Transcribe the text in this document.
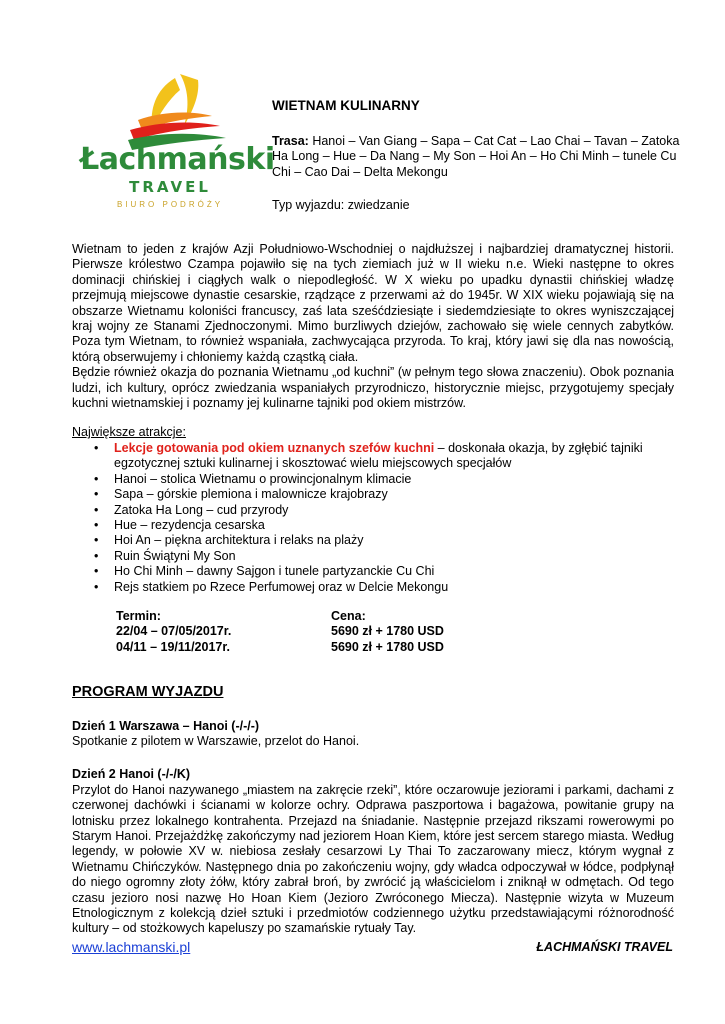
Łachmański
TRAVEL
BIURO PODRÓŻY
WIETNAM KULINARNY
Trasa: Hanoi – Van Giang – Sapa – Cat Cat – Lao Chai – Tavan – Zatoka Ha Long – Hue – Da Nang – My Son – Hoi An – Ho Chi Minh – tunele Cu Chi – Cao Dai – Delta Mekongu
Typ wyjazdu: zwiedzanie

Wietnam to jeden z krajów Azji Południowo-Wschodniej o najdłuższej i najbardziej dramatycznej historii. Pierwsze królestwo Czampa pojawiło się na tych ziemiach już w II wieku n.e. Wieki następne to okres dominacji chińskiej i ciągłych walk o niepodległość. W X wieku po upadku dynastii chińskiej władzę przejmują miejscowe dynastie cesarskie, rządzące z przerwami aż do 1945r. W XIX wieku pojawiają się na obszarze Wietnamu koloniści francuscy, zaś lata sześćdziesiąte i siedemdziesiąte to okres wyniszczającej kraj wojny ze Stanami Zjednoczonymi. Mimo burzliwych dziejów, zachowało się wiele cennych zabytków. Poza tym Wietnam, to również wspaniała, zachwycająca przyroda. To kraj, który jawi się dla nas nowością, którą obserwujemy i chłoniemy każdą cząstką ciała.

Będzie również okazja do poznania Wietnamu „od kuchni” (w pełnym tego słowa znaczeniu). Obok poznania ludzi, ich kultury, oprócz zwiedzania wspaniałych przyrodniczo, historycznie miejsc, przygotujemy specjały kuchni wietnamskiej i poznamy jej kulinarne tajniki pod okiem mistrzów.

Największe atrakcje:
• Lekcje gotowania pod okiem uznanych szefów kuchni – doskonała okazja, by zgłębić tajniki egzotycznej sztuki kulinarnej i skosztować wielu miejscowych specjałów
• Hanoi – stolica Wietnamu o prowincjonalnym klimacie
• Sapa – górskie plemiona i malownicze krajobrazy
• Zatoka Ha Long – cud przyrody
• Hue – rezydencja cesarska
• Hoi An – piękna architektura i relaks na plaży
• Ruin Świątyni My Son
• Ho Chi Minh – dawny Sajgon i tunele partyzanckie Cu Chi
• Rejs statkiem po Rzece Perfumowej oraz w Delcie Mekongu
Termin:	Cena:
22/04 – 07/05/2017r.	5690 zł + 1780 USD
04/11 – 19/11/2017r.	5690 zł + 1780 USD
PROGRAM WYJAZDU
Dzień 1 Warszawa – Hanoi (-/-/-)

Spotkanie z pilotem w Warszawie, przelot do Hanoi.

Dzień 2 Hanoi (-/-/K)

Przylot do Hanoi nazywanego „miastem na zakręcie rzeki”, które oczarowuje jeziorami i parkami, dachami z czerwonej dachówki i ścianami w kolorze ochry. Odprawa paszportowa i bagażowa, powitanie grupy na lotnisku przez lokalnego kontrahenta. Przejazd na śniadanie. Następnie przejazd rikszami rowerowymi po Starym Hanoi. Przejażdżkę zakończymy nad jeziorem Hoan Kiem, które jest sercem starego miasta. Według legendy, w połowie XV w. niebiosa zesłały cesarzowi Ly Thai To zaczarowany miecz, którym wygnał z Wietnamu Chińczyków. Następnego dnia po zakończeniu wojny, gdy władca odpoczywał w łódce, podpłynął do niego ogromny złoty żółw, który zabrał broń, by zwrócić ją właścicielom i zniknął w odmętach. Od tego czasu jezioro nosi nazwę Ho Hoan Kiem (Jezioro Zwróconego Miecza). Następnie wizyta w Muzeum Etnologicznym z kolekcją dzieł sztuki i przedmiotów codziennego użytku przedstawiającymi różnorodność kultury – od stożkowych kapeluszy po szamańskie rytuały Tay.

www.lachmanski.pl	ŁACHMAŃSKI TRAVEL
